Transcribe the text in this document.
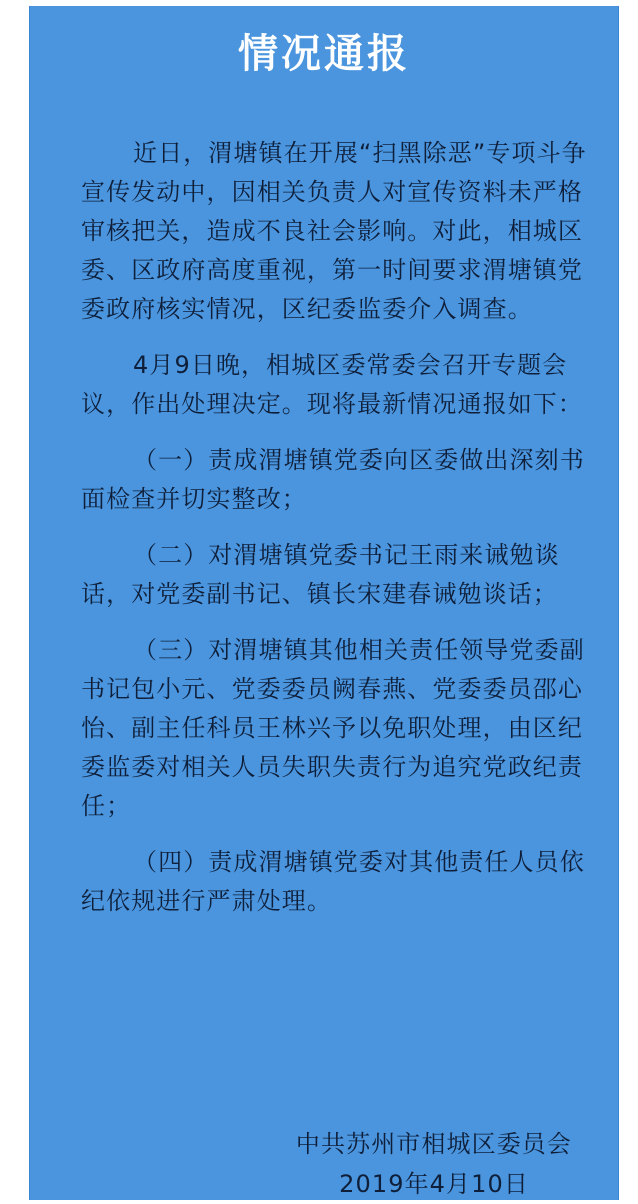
情况通报

近日，渭塘镇在开展“扫黑除恶”专项斗争宣传发动中，因相关负责人对宣传资料未严格审核把关，造成不良社会影响。对此，相城区委、区政府高度重视，第一时间要求渭塘镇党委政府核实情况，区纪委监委介入调查。

4月9日晚，相城区委常委会召开专题会议，作出处理决定。现将最新情况通报如下：

（一）责成渭塘镇党委向区委做出深刻书面检查并切实整改；

（二）对渭塘镇党委书记王雨来诫勉谈话，对党委副书记、镇长宋建春诫勉谈话；

（三）对渭塘镇其他相关责任领导党委副书记包小元、党委委员阙春燕、党委委员邵心怡、副主任科员王林兴予以免职处理，由区纪委监委对相关人员失职失责行为追究党政纪责任；

（四）责成渭塘镇党委对其他责任人员依纪依规进行严肃处理。

中共苏州市相城区委员会
2019年4月10日
